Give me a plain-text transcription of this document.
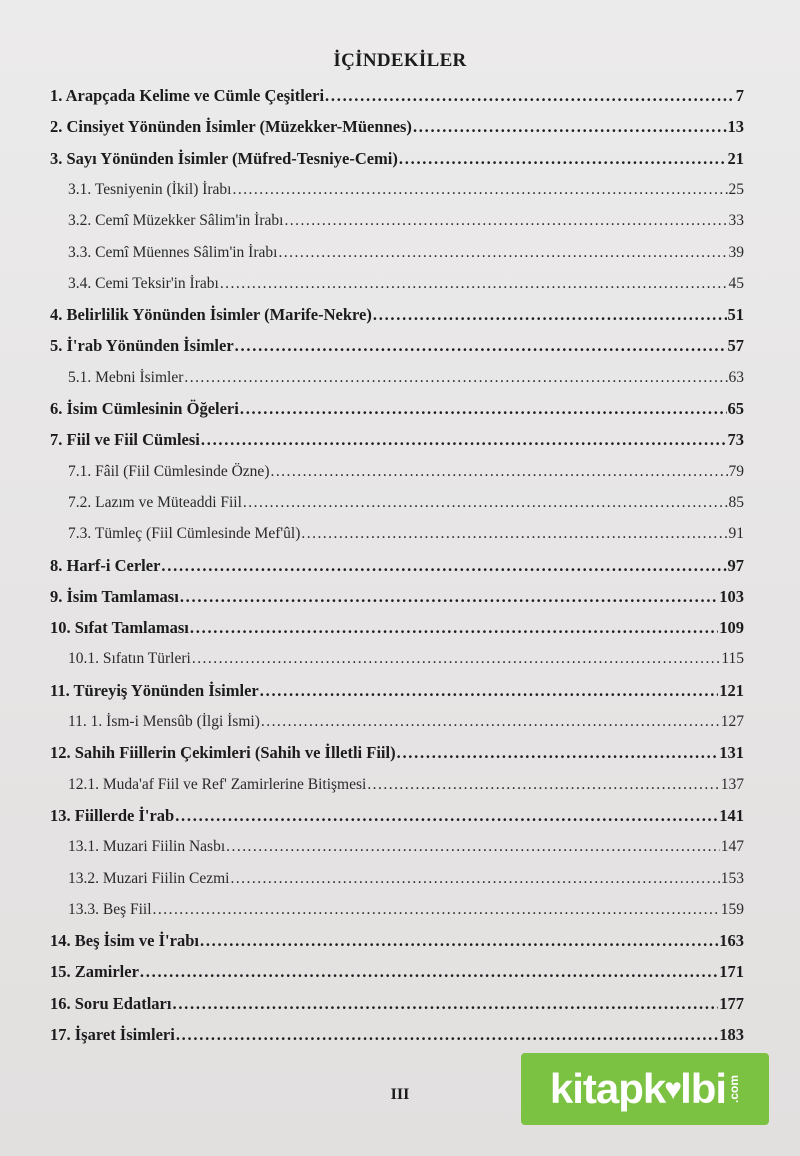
İÇİNDEKİLER
1. Arapçada Kelime ve Cümle Çeşitleri . . .	7
2. Cinsiyet Yönünden İsimler (Müzekker-Müennes) . . .	13
3. Sayı Yönünden İsimler (Müfred-Tesniye-Cemi) . . .	21
3.1. Tesniyenin (İkil) İrabı . . .	25
3.2. Cemî Müzekker Sâlim'in İrabı . . .	33
3.3. Cemî Müennes Sâlim'in İrabı . . .	39
3.4. Cemi Teksir'in İrabı . . .	45
4. Belirlilik Yönünden İsimler (Marife-Nekre) . . .	51
5. İ'rab Yönünden İsimler . . .	57
5.1. Mebni İsimler . . .	63
6. İsim Cümlesinin Öğeleri . . .	65
7. Fiil ve Fiil Cümlesi . . .	73
7.1. Fâil (Fiil Cümlesinde Özne) . . .	79
7.2. Lazım ve Müteaddi Fiil . . .	85
7.3. Tümleç (Fiil Cümlesinde Mef'ûl) . . .	91
8. Harf-i Cerler . . .	97
9. İsim Tamlaması . . .	103
10. Sıfat Tamlaması . . .	109
10.1. Sıfatın Türleri . . .	115
11. Türeyiş Yönünden İsimler . . .	121
11. 1. İsm-i Mensûb (İlgi İsmi) . . .	127
12. Sahih Fiillerin Çekimleri (Sahih ve İlletli Fiil) . . .	131
12.1. Muda'af Fiil ve Ref' Zamirlerine Bitişmesi . . .	137
13. Fiillerde İ'rab . . .	141
13.1. Muzari Fiilin Nasbı . . .	147
13.2. Muzari Fiilin Cezmi . . .	153
13.3. Beş Fiil . . .	159
14. Beş İsim ve İ'rabı . . .	163
15. Zamirler . . .	171
16. Soru Edatları . . .	177
17. İşaret İsimleri . . .	183
III	kitapk♥lbi .com
